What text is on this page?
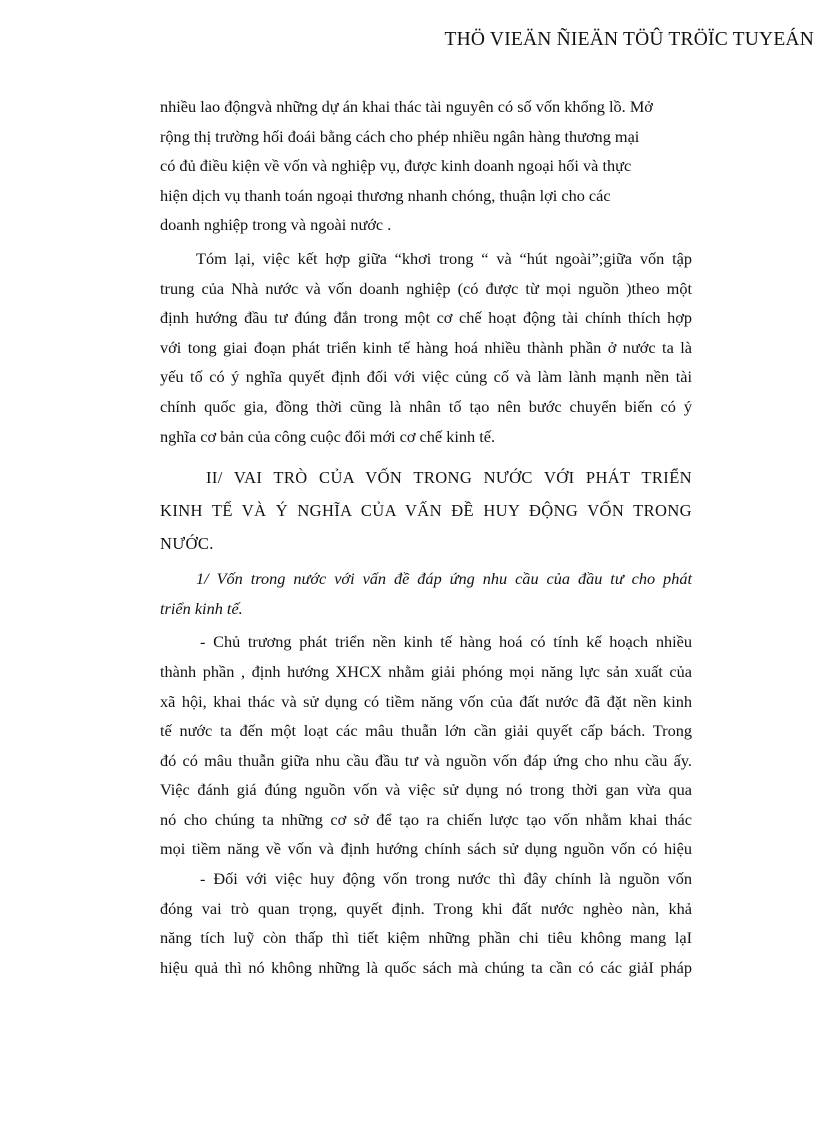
THÖ VIEÄN ÑIEÄN TÖÛ TRÖÏC TUYEÁN
nhiều lao độngvà những dự án khai thác tài nguyên có số vốn khổng lồ. Mở
rộng thị trường hối đoái bằng cách cho phép nhiều ngân hàng thương mại
có đủ điều kiện về vốn và nghiệp vụ, được kinh doanh ngoại hối và thực
hiện dịch vụ thanh toán ngoại thương nhanh chóng, thuận lợi cho các
doanh nghiệp trong và ngoài nước .
Tóm lại, việc kết hợp giữa “khơi trong “ và “hút ngoài”;giữa vốn tập
trung của Nhà nước và vốn doanh nghiệp (có được từ mọi nguồn )theo một
định hướng đầu tư đúng đắn trong một cơ chế hoạt động tài chính thích hợp
với tong giai đoạn phát triển kinh tế hàng hoá nhiều thành phần ở nước ta là
yếu tố có ý nghĩa quyết định đối với việc củng cố và làm lành mạnh nền tài
chính quốc gia, đồng thời cũng là nhân tố tạo nên bước chuyển biến có ý
nghĩa cơ bản của công cuộc đổi mới cơ chế kinh tế.
II/ VAI TRÒ CỦA VỐN TRONG NƯỚC VỚI PHÁT TRIỂN
KINH TẾ VÀ Ý NGHĨA CỦA VẤN ĐỀ HUY ĐỘNG VỐN TRONG
NƯỚC.
1/ Vốn trong nước với vấn đề đáp ứng nhu cầu của đầu tư cho phát
triển kinh tế.
- Chủ trương phát triển nền kinh tế hàng hoá có tính kế hoạch nhiều
thành phần , định hướng XHCX nhằm giải phóng mọi năng lực sản xuất của
xã hội, khai thác và sử dụng có tiềm năng vốn của đất nước đã đặt nền kinh
tế nước ta đến một loạt các mâu thuẫn lớn cần giải quyết cấp bách. Trong
đó có mâu thuẫn giữa nhu cầu đầu tư và nguồn vốn đáp ứng cho nhu cầu ấy.
Việc đánh giá đúng nguồn vốn và việc sử dụng nó trong thời gan vừa qua
nó cho chúng ta những cơ sở để tạo ra chiến lược tạo vốn nhằm khai thác
mọi tiềm năng về vốn và định hướng chính sách sử dụng nguồn vốn có hiệu
- Đối với việc huy động vốn trong nước thì đây chính là nguồn vốn
đóng vai trò quan trọng, quyết định. Trong khi đất nước nghèo nàn, khả
năng tích luỹ còn thấp thì tiết kiệm những phần chi tiêu không mang lạI
hiệu quả thì nó không những là quốc sách mà chúng ta cần có các giảI pháp
